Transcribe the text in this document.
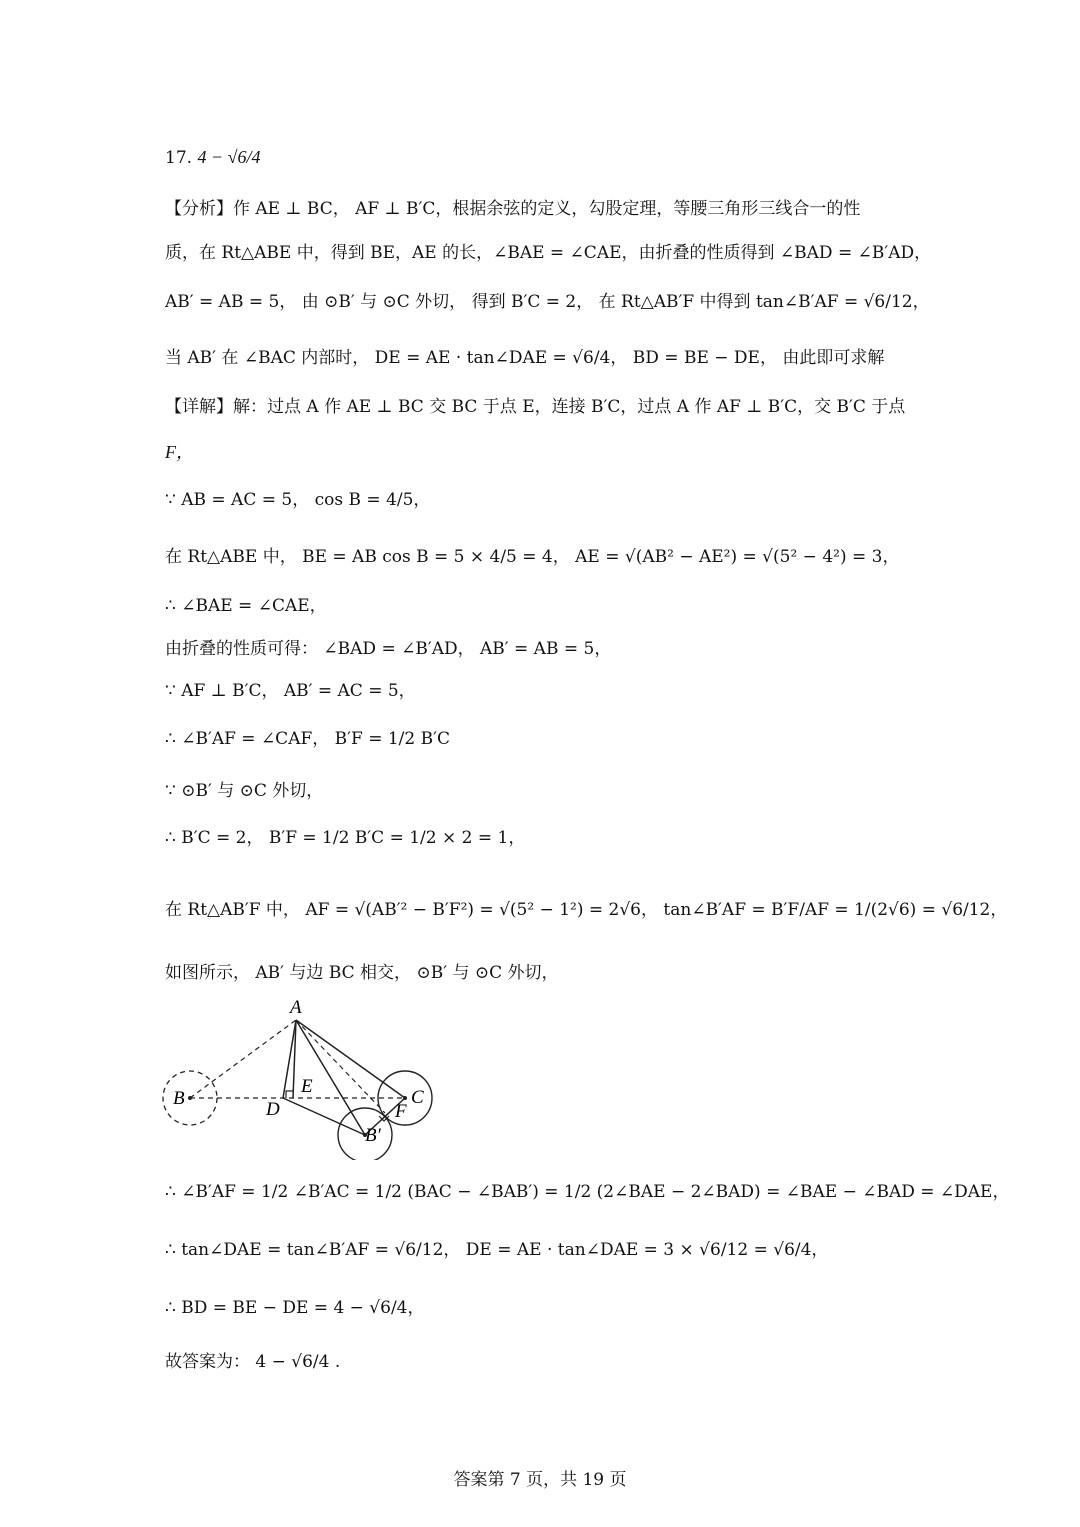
17. 4 − √6/4
【分析】作 AE ⊥ BC， AF ⊥ B′C，根据余弦的定义，勾股定理，等腰三角形三线合一的性
质，在 Rt△ABE 中，得到 BE，AE 的长，∠BAE = ∠CAE，由折叠的性质得到 ∠BAD = ∠B′AD，
AB′ = AB = 5， 由 ⊙B′ 与 ⊙C 外切， 得到 B′C = 2， 在 Rt△AB′F 中得到 tan∠B′AF = √6/12，
当 AB′ 在 ∠BAC 内部时， DE = AE · tan∠DAE = √6/4， BD = BE − DE， 由此即可求解
【详解】解：过点 A 作 AE ⊥ BC 交 BC 于点 E，连接 B′C，过点 A 作 AF ⊥ B′C，交 B′C 于点
F，
∵ AB = AC = 5， cos B = 4/5，
在 Rt△ABE 中， BE = AB cos B = 5 × 4/5 = 4， AE = √(AB² − AE²) = √(5² − 4²) = 3，
∴ ∠BAE = ∠CAE，
由折叠的性质可得： ∠BAD = ∠B′AD， AB′ = AB = 5，
∵ AF ⊥ B′C， AB′ = AC = 5，
∴ ∠B′AF = ∠CAF， B′F = 1/2 B′C
∵ ⊙B′ 与 ⊙C 外切，
∴ B′C = 2， B′F = 1/2 B′C = 1/2 × 2 = 1，
在 Rt△AB′F 中， AF = √(AB′² − B′F²) = √(5² − 1²) = 2√6， tan∠B′AF = B′F/AF = 1/(2√6) = √6/12，
如图所示， AB′ 与边 BC 相交， ⊙B′ 与 ⊙C 外切，
A
B	C
D
E
F
B′
∴ ∠B′AF = 1/2 ∠B′AC = 1/2 (BAC − ∠BAB′) = 1/2 (2∠BAE − 2∠BAD) = ∠BAE − ∠BAD = ∠DAE，
∴ tan∠DAE = tan∠B′AF = √6/12， DE = AE · tan∠DAE = 3 × √6/12 = √6/4，
∴ BD = BE − DE = 4 − √6/4，
故答案为： 4 − √6/4 .
答案第 7 页，共 19 页
